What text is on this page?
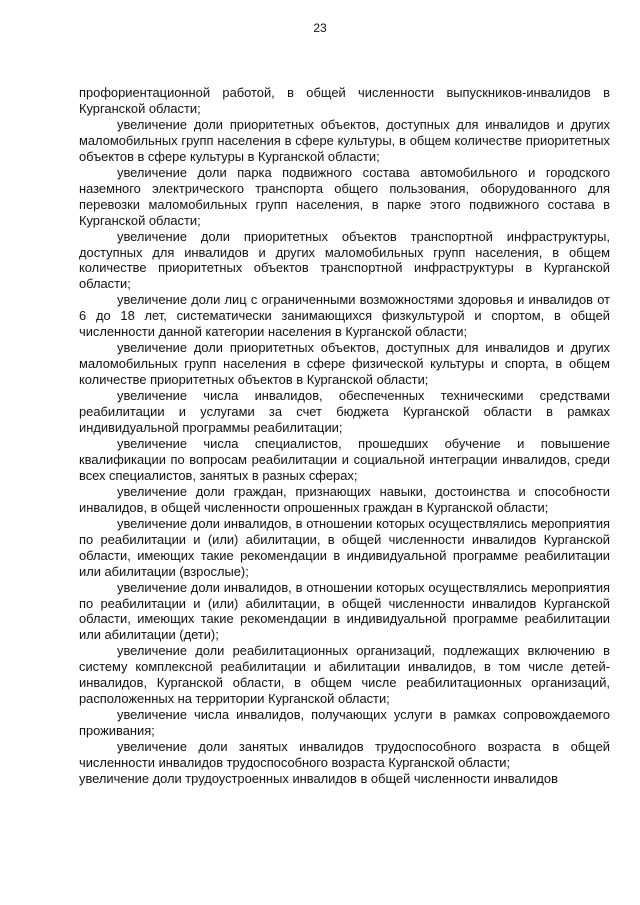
23

профориентационной работой, в общей численности выпускников-инвалидов в Курганской области;

увеличение доли приоритетных объектов, доступных для инвалидов и других маломобильных групп населения в сфере культуры, в общем количестве приоритетных объектов в сфере культуры в Курганской области;

увеличение доли парка подвижного состава автомобильного и городского наземного электрического транспорта общего пользования, оборудованного для перевозки маломобильных групп населения, в парке этого подвижного состава в Курганской области;

увеличение доли приоритетных объектов транспортной инфраструктуры, доступных для инвалидов и других маломобильных групп населения, в общем количестве приоритетных объектов транспортной инфраструктуры в Курганской области;

увеличение доли лиц с ограниченными возможностями здоровья и инвалидов от 6 до 18 лет, систематически занимающихся физкультурой и спортом, в общей численности данной категории населения в Курганской области;

увеличение доли приоритетных объектов, доступных для инвалидов и других маломобильных групп населения в сфере физической культуры и спорта, в общем количестве приоритетных объектов в Курганской области;

увеличение числа инвалидов, обеспеченных техническими средствами реабилитации и услугами за счет бюджета Курганской области в рамках индивидуальной программы реабилитации;

увеличение числа специалистов, прошедших обучение и повышение квалификации по вопросам реабилитации и социальной интеграции инвалидов, среди всех специалистов, занятых в разных сферах;

увеличение доли граждан, признающих навыки, достоинства и способности инвалидов, в общей численности опрошенных граждан в Курганской области;

увеличение доли инвалидов, в отношении которых осуществлялись мероприятия по реабилитации и (или) абилитации, в общей численности инвалидов Курганской области, имеющих такие рекомендации в индивидуальной программе реабилитации или абилитации (взрослые);

увеличение доли инвалидов, в отношении которых осуществлялись мероприятия по реабилитации и (или) абилитации, в общей численности инвалидов Курганской области, имеющих такие рекомендации в индивидуальной программе реабилитации или абилитации (дети);

увеличение доли реабилитационных организаций, подлежащих включению в систему комплексной реабилитации и абилитации инвалидов, в том числе детей-инвалидов, Курганской области, в общем числе реабилитационных организаций, расположенных на территории Курганской области;

увеличение числа инвалидов, получающих услуги в рамках сопровождаемого проживания;

увеличение доли занятых инвалидов трудоспособного возраста в общей численности инвалидов трудоспособного возраста Курганской области;

увеличение доли трудоустроенных инвалидов в общей численности инвалидов
